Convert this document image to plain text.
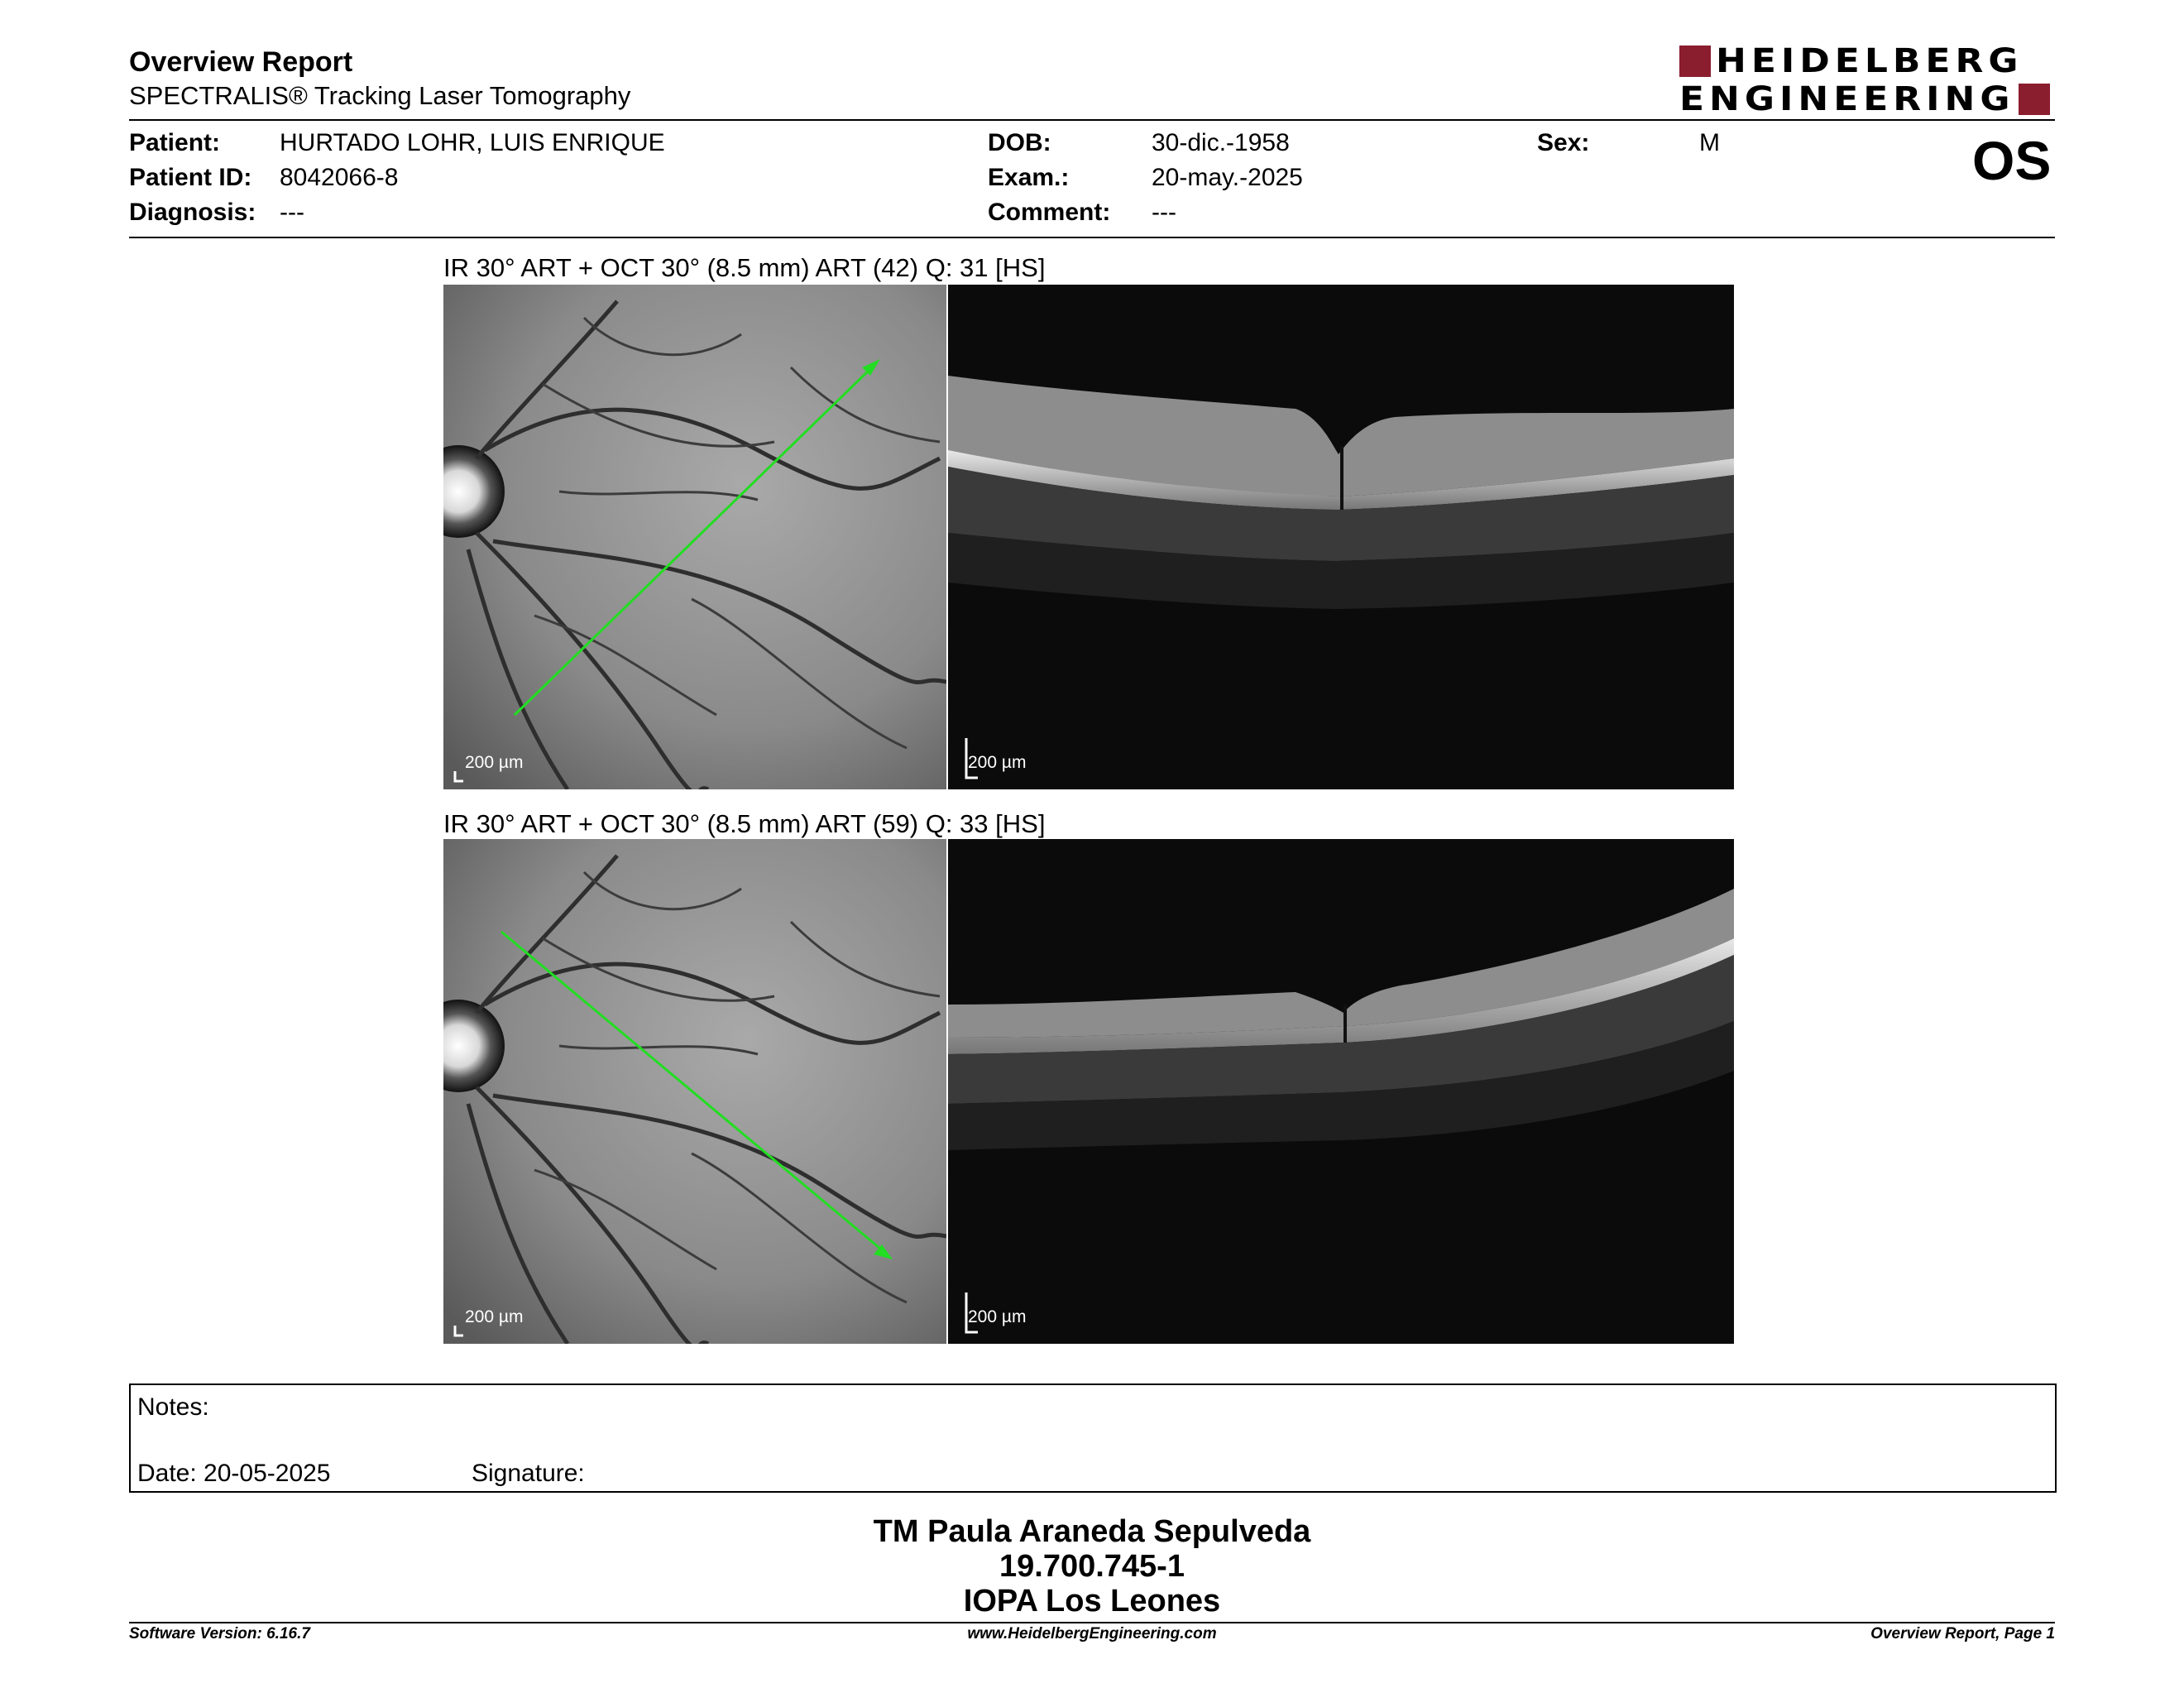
Overview Report
SPECTRALIS® Tracking Laser Tomography
HEIDELBERG
ENGINEERING
Patient: HURTADO LOHR, LUIS ENRIQUE
Patient ID: 8042066-8
Diagnosis: ---
DOB:	30-dic.-1958
Exam.:	20-may.-2025
Comment: ---
Sex:	M	OS
IR 30° ART + OCT 30° (8.5 mm) ART (42) Q: 31 [HS]
200 µm	200 µm
IR 30° ART + OCT 30° (8.5 mm) ART (59) Q: 33 [HS]
200 µm	200 µm
Notes:
Date: 20-05-2025	Signature:
TM Paula Araneda Sepulveda
19.700.745-1
IOPA Los Leones
Software Version: 6.16.7	www.HeidelbergEngineering.com	Overview Report, Page 1
